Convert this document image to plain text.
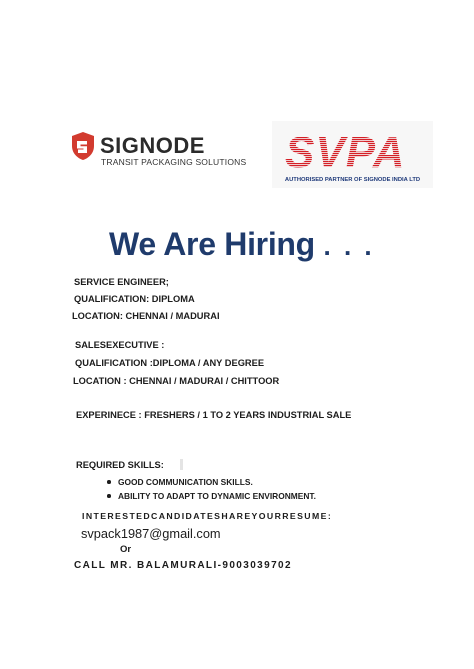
SIGNODE
TRANSIT PACKAGING SOLUTIONS SVPA
AUTHORISED PARTNER OF SIGNODE INDIA LTD
We Are Hiring . . .
SERVICE ENGINEER;
QUALIFICATION: DIPLOMA
LOCATION: CHENNAI / MADURAI
SALESEXECUTIVE :
QUALIFICATION :DIPLOMA / ANY DEGREE
LOCATION : CHENNAI / MADURAI / CHITTOOR
EXPERINECE : FRESHERS / 1 TO 2 YEARS INDUSTRIAL SALE
REQUIRED SKILLS:
GOOD COMMUNICATION SKILLS.
ABILITY TO ADAPT TO DYNAMIC ENVIRONMENT.
INTERESTEDCANDIDATESHAREYOURRESUME:
svpack1987@gmail.com
Or
CALL MR. BALAMURALI-9003039702
